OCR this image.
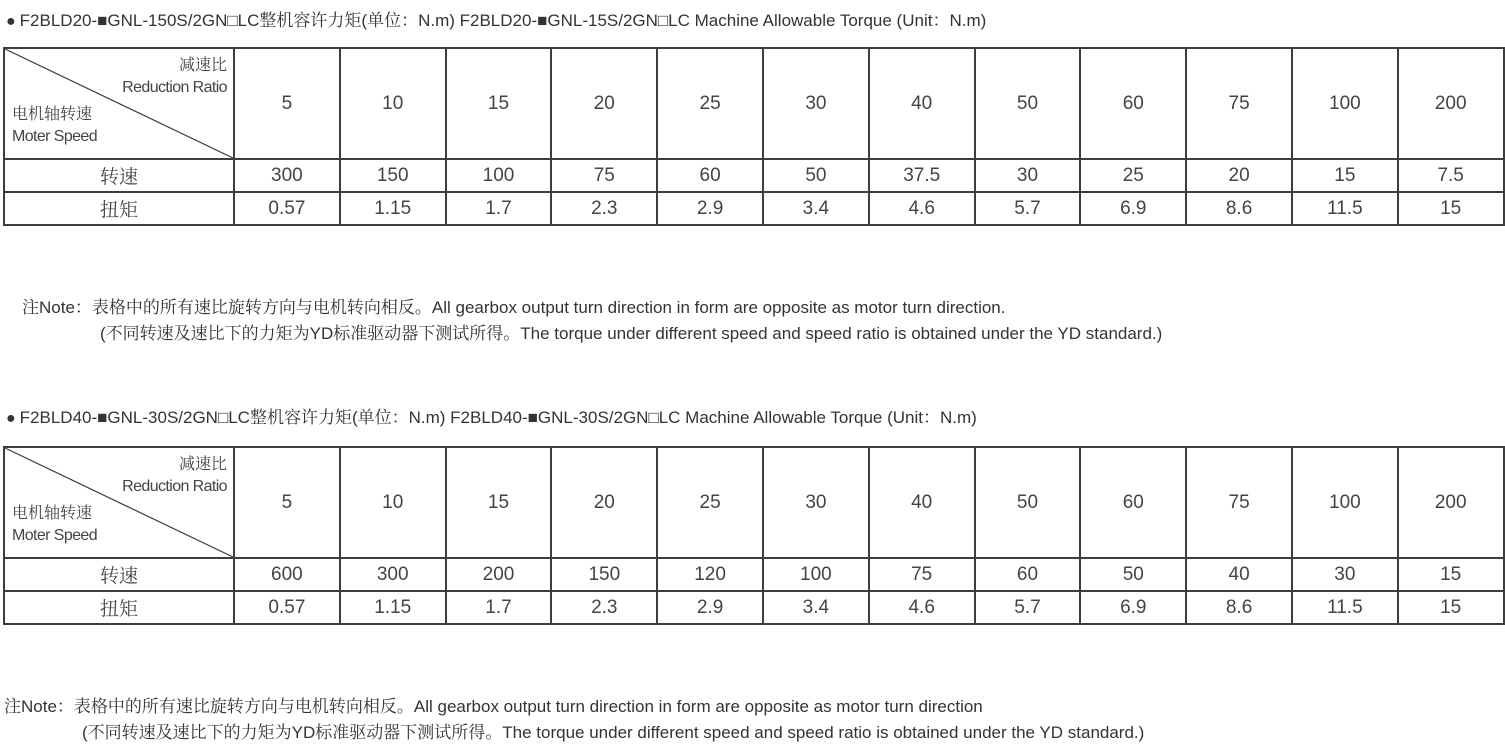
● F2BLD20-■GNL-150S/2GN□LC整机容许力矩(单位：N.m) F2BLD20-■GNL-15S/2GN□LC Machine Allowable Torque (Unit：N.m)
减速比
Reduction Ratio
电机轴转速
Moter Speed	5	10	15	20	25	30	40	50	60	75	100	200
转速	300	150	100	75	60	50	37.5	30	25	20	15	7.5
扭矩	0.57	1.15	1.7	2.3	2.9	3.4	4.6	5.7	6.9	8.6	11.5	15
注Note：表格中的所有速比旋转方向与电机转向相反。All gearbox output turn direction in form are opposite as motor turn direction.
(不同转速及速比下的力矩为YD标准驱动器下测试所得。The torque under different speed and speed ratio is obtained under the YD standard.)
● F2BLD40-■GNL-30S/2GN□LC整机容许力矩(单位：N.m) F2BLD40-■GNL-30S/2GN□LC Machine Allowable Torque (Unit：N.m)
减速比
Reduction Ratio
电机轴转速
Moter Speed	5	10	15	20	25	30	40	50	60	75	100	200
转速	600	300	200	150	120	100	75	60	50	40	30	15
扭矩	0.57	1.15	1.7	2.3	2.9	3.4	4.6	5.7	6.9	8.6	11.5	15
注Note：表格中的所有速比旋转方向与电机转向相反。All gearbox output turn direction in form are opposite as motor turn direction
(不同转速及速比下的力矩为YD标准驱动器下测试所得。The torque under different speed and speed ratio is obtained under the YD standard.)
